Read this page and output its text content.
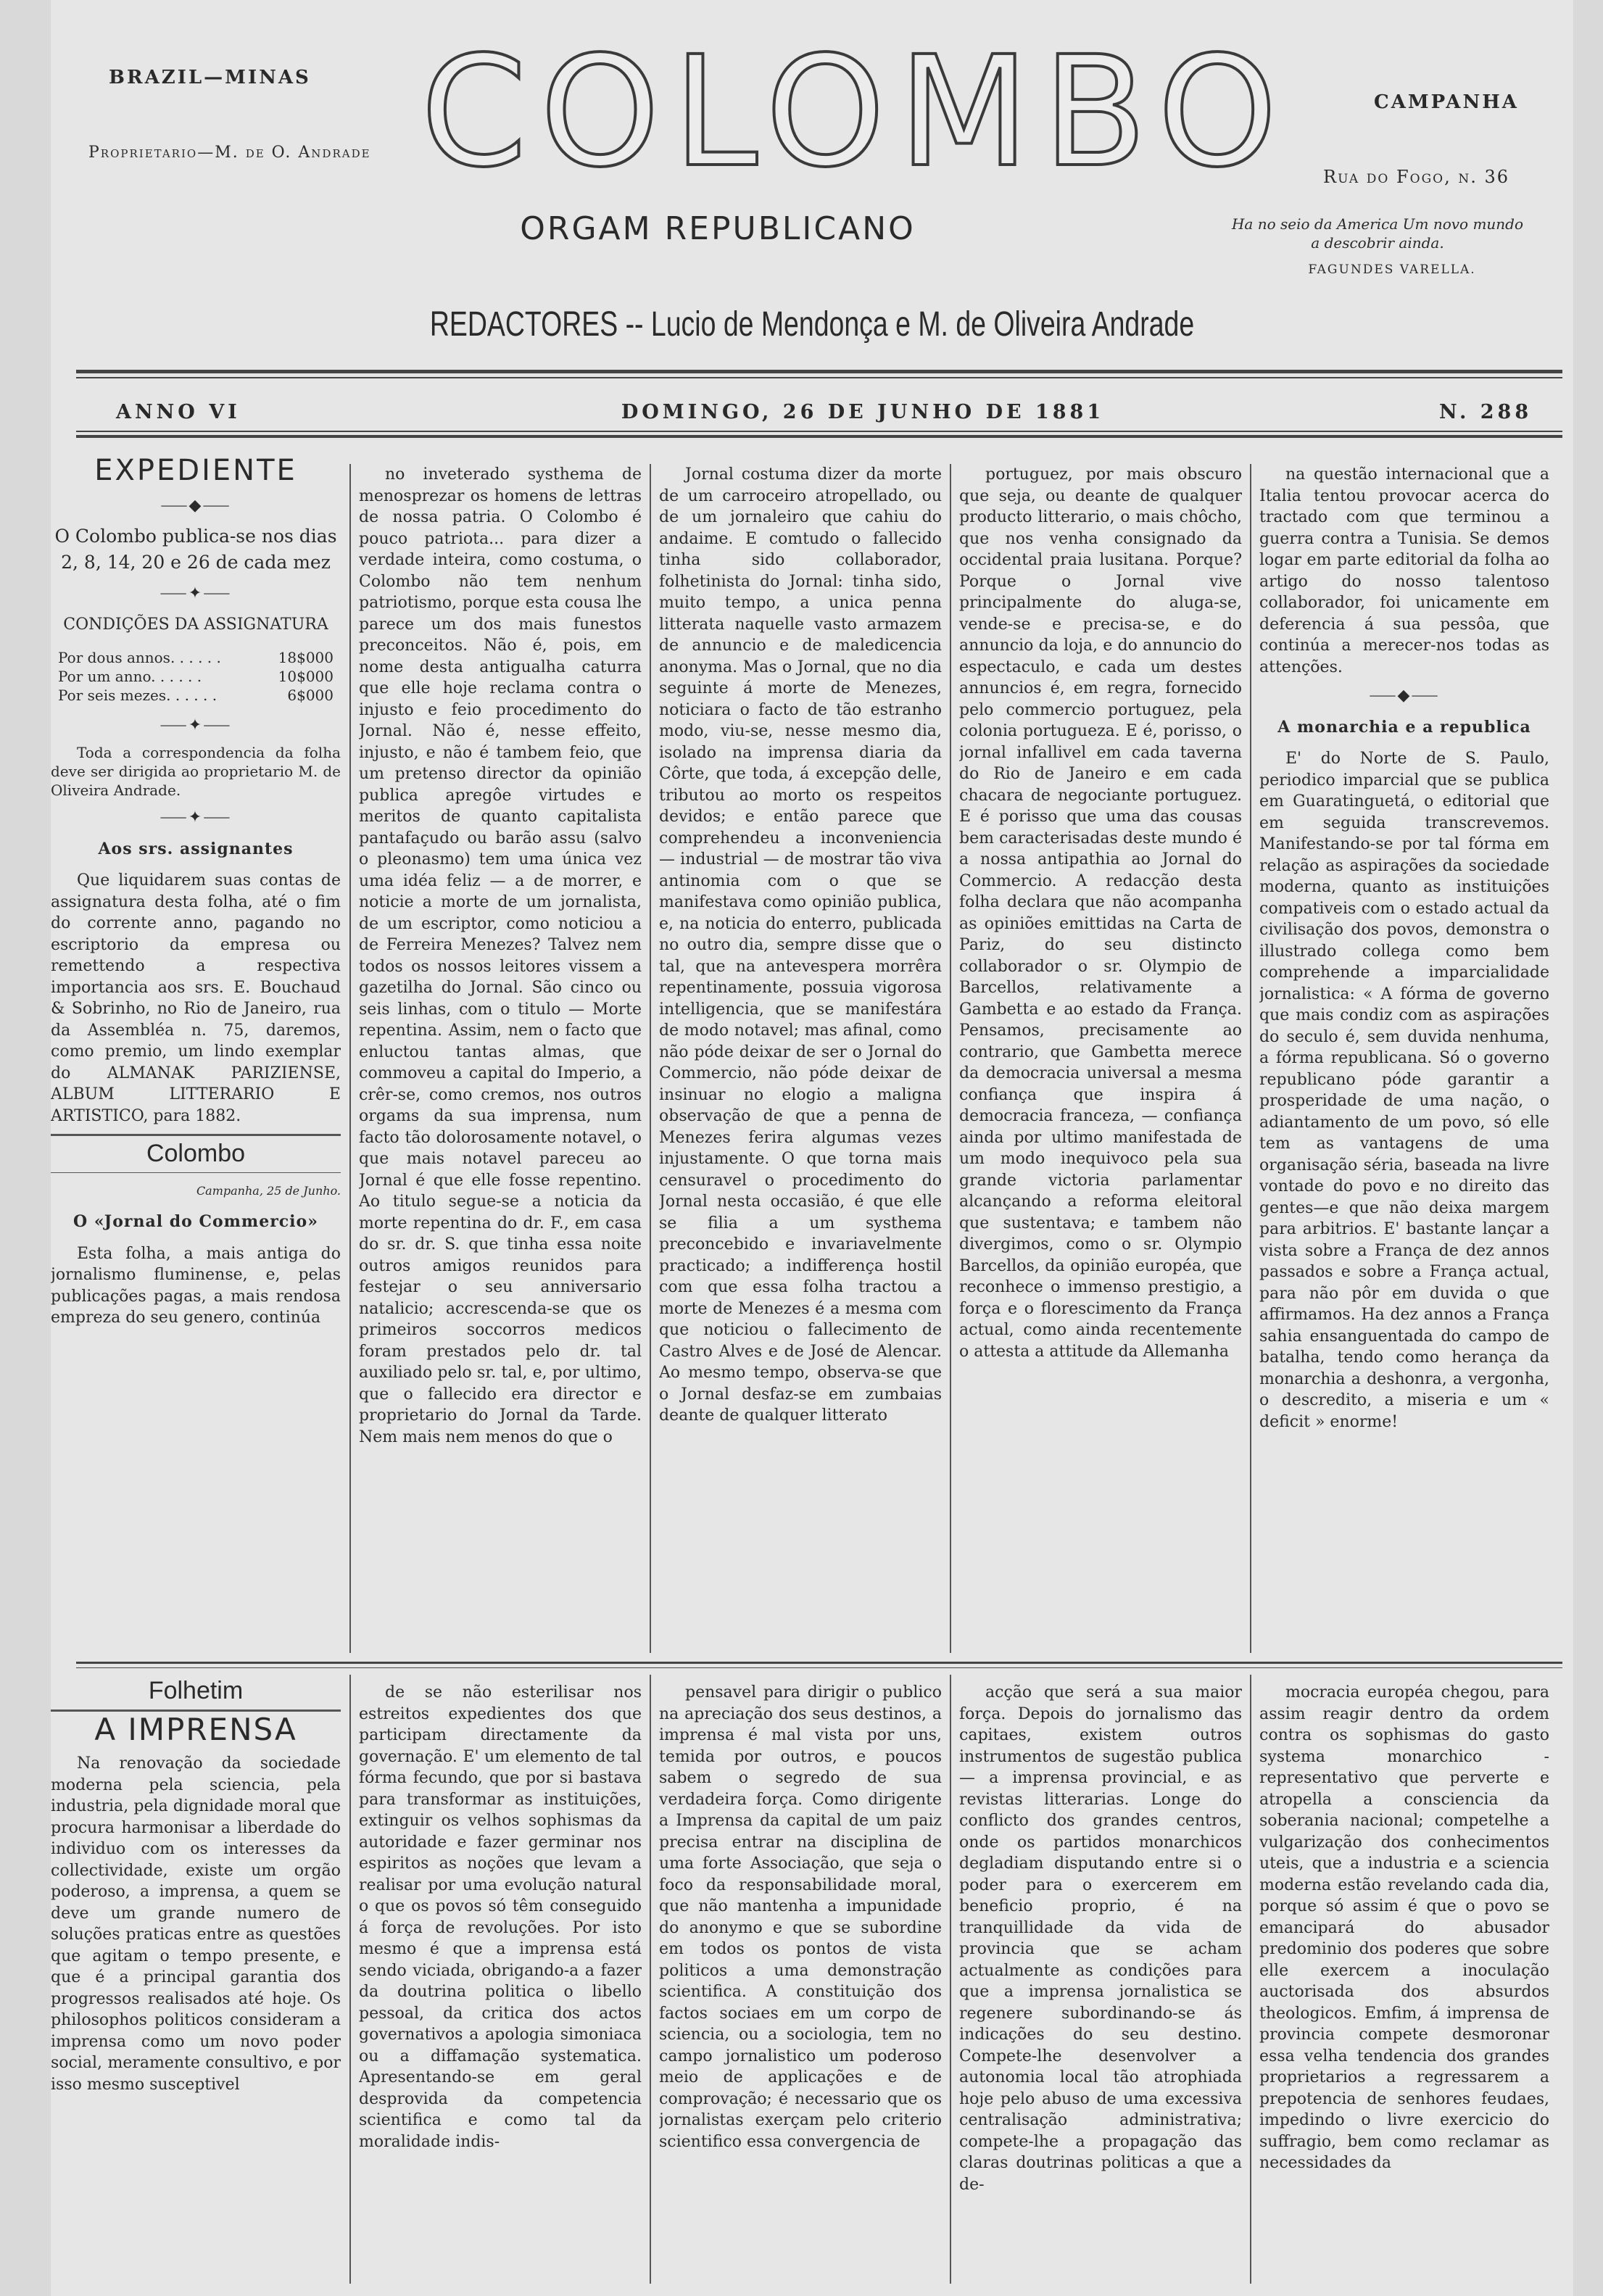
BRAZIL—MINAS COLOMBO	CAMPANHA
Proprietario—M. de O. Andrade
Rua do Fogo, n. 36
ORGAM REPUBLICANO	Ha no seio da America Um novo mundo a descobrir ainda.
FAGUNDES VARELLA.
REDACTORES -- Lucio de Mendonça e M. de Oliveira Andrade
ANNO VI	DOMINGO, 26 DE JUNHO DE 1881	N. 288
EXPEDIENTE
⸺◆⸺
O Colombo publica-se nos dias 2, 8, 14, 20 e 26 de cada mez
⸺✦⸺
CONDIÇÕES DA ASSIGNATURA
Por dous annos. . . . . .	18$000
Por um anno. . . . . .	10$000
Por seis mezes. . . . . .	6$000
⸺✦⸺

Toda a correspondencia da folha deve ser dirigida ao proprietario M. de Oliveira Andrade.

⸺✦⸺
Aos srs. assignantes

Que liquidarem suas contas de assignatura desta folha, até o fim do corrente anno, pagando no escriptorio da empresa ou remettendo a respectiva importancia aos srs. E. Bouchaud & Sobrinho, no Rio de Janeiro, rua da Assembléa n. 75, daremos, como premio, um lindo exemplar do ALMANAK PARIZIENSE, ALBUM LITTERARIO E ARTISTICO, para 1882.

Colombo
Campanha, 25 de Junho.
O «Jornal do Commercio»

Esta folha, a mais antiga do jornalismo fluminense, e, pelas publicações pagas, a mais rendosa empreza do seu genero, continúa

no inveterado systhema de menosprezar os homens de lettras de nossa patria. O Colombo é pouco patriota... para dizer a verdade inteira, como costuma, o Colombo não tem nenhum patriotismo, porque esta cousa lhe parece um dos mais funestos preconceitos. Não é, pois, em nome desta antigualha caturra que elle hoje reclama contra o injusto e feio procedimento do Jornal. Não é, nesse effeito, injusto, e não é tambem feio, que um pretenso director da opinião publica apregôe virtudes e meritos de quanto capitalista pantafaçudo ou barão assu (salvo o pleonasmo) tem uma única vez uma idéa feliz — a de morrer, e noticie a morte de um jornalista, de um escriptor, como noticiou a de Ferreira Menezes? Talvez nem todos os nossos leitores vissem a gazetilha do Jornal. São cinco ou seis linhas, com o titulo — Morte repentina. Assim, nem o facto que enluctou tantas almas, que commoveu a capital do Imperio, a crêr-se, como cremos, nos outros orgams da sua imprensa, num facto tão dolorosamente notavel, o que mais notavel pareceu ao Jornal é que elle fosse repentino. Ao titulo segue-se a noticia da morte repentina do dr. F., em casa do sr. dr. S. que tinha essa noite outros amigos reunidos para festejar o seu anniversario natalicio; accrescenda-se que os primeiros soccorros medicos foram prestados pelo dr. tal auxiliado pelo sr. tal, e, por ultimo, que o fallecido era director e proprietario do Jornal da Tarde. Nem mais nem menos do que o

Jornal costuma dizer da morte de um carroceiro atropellado, ou de um jornaleiro que cahiu do andaime. E comtudo o fallecido tinha sido collaborador, folhetinista do Jornal: tinha sido, muito tempo, a unica penna litterata naquelle vasto armazem de annuncio e de maledicencia anonyma. Mas o Jornal, que no dia seguinte á morte de Menezes, noticiara o facto de tão estranho modo, viu-se, nesse mesmo dia, isolado na imprensa diaria da Côrte, que toda, á excepção delle, tributou ao morto os respeitos devidos; e então parece que comprehendeu a inconveniencia — industrial — de mostrar tão viva antinomia com o que se manifestava como opinião publica, e, na noticia do enterro, publicada no outro dia, sempre disse que o tal, que na antevespera morrêra repentinamente, possuia vigorosa intelligencia, que se manifestára de modo notavel; mas afinal, como não póde deixar de ser o Jornal do Commercio, não póde deixar de insinuar no elogio a maligna observação de que a penna de Menezes ferira algumas vezes injustamente. O que torna mais censuravel o procedimento do Jornal nesta occasião, é que elle se filia a um systhema preconcebido e invariavelmente practicado; a indifferença hostil com que essa folha tractou a morte de Menezes é a mesma com que noticiou o fallecimento de Castro Alves e de José de Alencar. Ao mesmo tempo, observa-se que o Jornal desfaz-se em zumbaias deante de qualquer litterato

portuguez, por mais obscuro que seja, ou deante de qualquer producto litterario, o mais chôcho, que nos venha consignado da occidental praia lusitana. Porque? Porque o Jornal vive principalmente do aluga-se, vende-se e precisa-se, e do annuncio da loja, e do annuncio do espectaculo, e cada um destes annuncios é, em regra, fornecido pelo commercio portuguez, pela colonia portugueza. E é, porisso, o jornal infallivel em cada taverna do Rio de Janeiro e em cada chacara de negociante portuguez. E é porisso que uma das cousas bem caracterisadas deste mundo é a nossa antipathia ao Jornal do Commercio. A redacção desta folha declara que não acompanha as opiniões emittidas na Carta de Pariz, do seu distincto collaborador o sr. Olympio de Barcellos, relativamente a Gambetta e ao estado da França. Pensamos, precisamente ao contrario, que Gambetta merece da democracia universal a mesma confiança que inspira á democracia franceza, — confiança ainda por ultimo manifestada de um modo inequivoco pela sua grande victoria parlamentar alcançando a reforma eleitoral que sustentava; e tambem não divergimos, como o sr. Olympio Barcellos, da opinião européa, que reconhece o immenso prestigio, a força e o florescimento da França actual, como ainda recentemente o attesta a attitude da Allemanha

na questão internacional que a Italia tentou provocar acerca do tractado com que terminou a guerra contra a Tunisia. Se demos logar em parte editorial da folha ao artigo do nosso talentoso collaborador, foi unicamente em deferencia á sua pessôa, que continúa a merecer-nos todas as attenções.

⸺◆⸺
A monarchia e a republica

E' do Norte de S. Paulo, periodico imparcial que se publica em Guaratinguetá, o editorial que em seguida transcrevemos. Manifestando-se por tal fórma em relação as aspirações da sociedade moderna, quanto as instituições compativeis com o estado actual da civilisação dos povos, demonstra o illustrado collega como bem comprehende a imparcialidade jornalistica: « A fórma de governo que mais condiz com as aspirações do seculo é, sem duvida nenhuma, a fórma republicana. Só o governo republicano póde garantir a prosperidade de uma nação, o adiantamento de um povo, só elle tem as vantagens de uma organisação séria, baseada na livre vontade do povo e no direito das gentes—e que não deixa margem para arbitrios. E' bastante lançar a vista sobre a França de dez annos passados e sobre a França actual, para não pôr em duvida o que affirmamos. Ha dez annos a França sahia ensanguentada do campo de batalha, tendo como herança da monarchia a deshonra, a vergonha, o descredito, a miseria e um « deficit » enorme!

Folhetim
A IMPRENSA

Na renovação da sociedade moderna pela sciencia, pela industria, pela dignidade moral que procura harmonisar a liberdade do individuo com os interesses da collectividade, existe um orgão poderoso, a imprensa, a quem se deve um grande numero de soluções praticas entre as questões que agitam o tempo presente, e que é a principal garantia dos progressos realisados até hoje. Os philosophos politicos consideram a imprensa como um novo poder social, meramente consultivo, e por isso mesmo susceptivel

de se não esterilisar nos estreitos expedientes dos que participam directamente da governação. E' um elemento de tal fórma fecundo, que por si bastava para transformar as instituições, extinguir os velhos sophismas da autoridade e fazer germinar nos espiritos as noções que levam a realisar por uma evolução natural o que os povos só têm conseguido á força de revoluções. Por isto mesmo é que a imprensa está sendo viciada, obrigando-a a fazer da doutrina politica o libello pessoal, da critica dos actos governativos a apologia simoniaca ou a diffamação systematica. Apresentando-se em geral desprovida da competencia scientifica e como tal da moralidade indis-

pensavel para dirigir o publico na apreciação dos seus destinos, a imprensa é mal vista por uns, temida por outros, e poucos sabem o segredo de sua verdadeira força. Como dirigente a Imprensa da capital de um paiz precisa entrar na disciplina de uma forte Associação, que seja o foco da responsabilidade moral, que não mantenha a impunidade do anonymo e que se subordine em todos os pontos de vista politicos a uma demonstração scientifica. A constituição dos factos sociaes em um corpo de sciencia, ou a sociologia, tem no campo jornalistico um poderoso meio de applicações e de comprovação; é necessario que os jornalistas exerçam pelo criterio scientifico essa convergencia de

acção que será a sua maior força. Depois do jornalismo das capitaes, existem outros instrumentos de sugestão publica — a imprensa provincial, e as revistas litterarias. Longe do conflicto dos grandes centros, onde os partidos monarchicos degladiam disputando entre si o poder para o exercerem em beneficio proprio, é na tranquillidade da vida de provincia que se acham actualmente as condições para que a imprensa jornalistica se regenere subordinando-se ás indicações do seu destino. Compete-lhe desenvolver a autonomia local tão atrophiada hoje pelo abuso de uma excessiva centralisação administrativa; compete-lhe a propagação das claras doutrinas politicas a que a de-

mocracia européa chegou, para assim reagir dentro da ordem contra os sophismas do gasto systema monarchico - representativo que perverte e atropella a consciencia da soberania nacional; competelhe a vulgarização dos conhecimentos uteis, que a industria e a sciencia moderna estão revelando cada dia, porque só assim é que o povo se emancipará do abusador predominio dos poderes que sobre elle exercem a inoculação auctorisada dos absurdos theologicos. Emfim, á imprensa de provincia compete desmoronar essa velha tendencia dos grandes proprietarios a regressarem a prepotencia de senhores feudaes, impedindo o livre exercicio do suffragio, bem como reclamar as necessidades da
